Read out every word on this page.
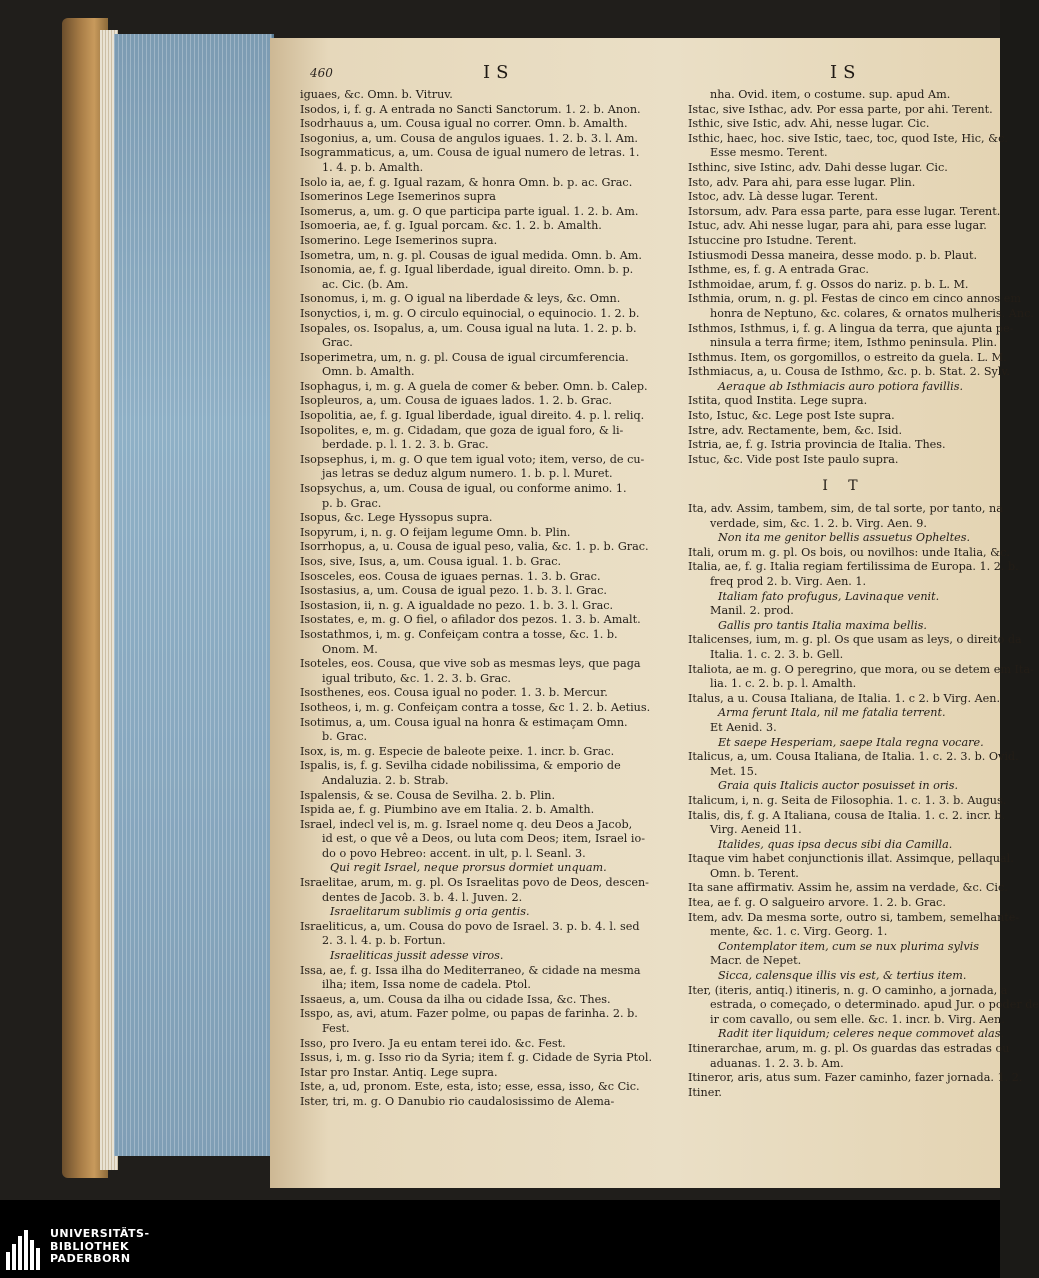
460	IS	IS
iguaes, &c. Omn. b. Vitruv.
Isodos, i, f. g. A entrada no Sancti Sanctorum. 1. 2. b. Anon.
Isodrhauus a, um. Cousa igual no correr. Omn. b. Amalth.
Isogonius, a, um. Cousa de angulos iguaes. 1. 2. b. 3. l. Am.
Isogrammaticus, a, um. Cousa de igual numero de letras. 1.
1. 4. p. b. Amalth.
Isolo ia, ae, f. g. Igual razam, & honra Omn. b. p. ac. Grac.
Isomerinos Lege Isemerinos supra
Isomerus, a, um. g. O que participa parte igual. 1. 2. b. Am.
Isomoeria, ae, f. g. Igual porcam. &c. 1. 2. b. Amalth.
Isomerino. Lege Isemerinos supra.
Isometra, um, n. g. pl. Cousas de igual medida. Omn. b. Am.
Isonomia, ae, f. g. Igual liberdade, igual direito. Omn. b. p.
ac. Cic. (b. Am.
Isonomus, i, m. g. O igual na liberdade & leys, &c. Omn.
Isonyctios, i, m. g. O circulo equinocial, o equinocio. 1. 2. b.
Isopales, os. Isopalus, a, um. Cousa igual na luta. 1. 2. p. b.
Grac.
Isoperimetra, um, n. g. pl. Cousa de igual circumferencia.
Omn. b. Amalth.
Isophagus, i, m. g. A guela de comer & beber. Omn. b. Calep.
Isopleuros, a, um. Cousa de iguaes lados. 1. 2. b. Grac.
Isopolitia, ae, f. g. Igual liberdade, igual direito. 4. p. l. reliq.
Isopolites, e, m. g. Cidadam, que goza de igual foro, & li-
berdade. p. l. 1. 2. 3. b. Grac.
Isopsephus, i, m. g. O que tem igual voto; item, verso, de cu-
jas letras se deduz algum numero. 1. b. p. l. Muret.
Isopsychus, a, um. Cousa de igual, ou conforme animo. 1.
p. b. Grac.
Isopus, &c. Lege Hyssopus supra.
Isopyrum, i, n. g. O feijam legume Omn. b. Plin.
Isorrhopus, a, u. Cousa de igual peso, valia, &c. 1. p. b. Grac.
Isos, sive, Isus, a, um. Cousa igual. 1. b. Grac.
Isosceles, eos. Cousa de iguaes pernas. 1. 3. b. Grac.
Isostasius, a, um. Cousa de igual pezo. 1. b. 3. l. Grac.
Isostasion, ii, n. g. A igualdade no pezo. 1. b. 3. l. Grac.
Isostates, e, m. g. O fiel, o afilador dos pezos. 1. 3. b. Amalt.
Isostathmos, i, m. g. Confeiçam contra a tosse, &c. 1. b.
Onom. M.
Isoteles, eos. Cousa, que vive sob as mesmas leys, que paga
igual tributo, &c. 1. 2. 3. b. Grac.
Isosthenes, eos. Cousa igual no poder. 1. 3. b. Mercur.
Isotheos, i, m. g. Confeiçam contra a tosse, &c 1. 2. b. Aetius.
Isotimus, a, um. Cousa igual na honra & estimaçam Omn.
b. Grac.
Isox, is, m. g. Especie de baleote peixe. 1. incr. b. Grac.
Ispalis, is, f. g. Sevilha cidade nobilissima, & emporio de
Andaluzia. 2. b. Strab.
Ispalensis, & se. Cousa de Sevilha. 2. b. Plin.
Ispida ae, f. g. Piumbino ave em Italia. 2. b. Amalth.
Israel, indecl vel is, m. g. Israel nome q. deu Deos a Jacob,
id est, o que vê a Deos, ou luta com Deos; item, Israel io-
do o povo Hebreo: accent. in ult, p. l. Seanl. 3.
Qui regit Israel, neque prorsus dormiet unquam.
Israelitae, arum, m. g. pl. Os Israelitas povo de Deos, descen-
dentes de Jacob. 3. b. 4. l. Juven. 2.
Israelitarum sublimis g oria gentis.
Israeliticus, a, um. Cousa do povo de Israel. 3. p. b. 4. l. sed
2. 3. l. 4. p. b. Fortun.
Israeliticas jussit adesse viros.
Issa, ae, f. g. Issa ilha do Mediterraneo, & cidade na mesma
ilha; item, Issa nome de cadela. Ptol.
Issaeus, a, um. Cousa da ilha ou cidade Issa, &c. Thes.
Isspo, as, avi, atum. Fazer polme, ou papas de farinha. 2. b.
Fest.
Isso, pro Ivero. Ja eu entam terei ido. &c. Fest.
Issus, i, m. g. Isso rio da Syria; item f. g. Cidade de Syria Ptol.
Istar pro Instar. Antiq. Lege supra.
Iste, a, ud, pronom. Este, esta, isto; esse, essa, isso, &c Cic.
Ister, tri, m. g. O Danubio rio caudalosissimo de Alema-
nha. Ovid. item, o costume. sup. apud Am.
Istac, sive Isthac, adv. Por essa parte, por ahi. Terent.
Isthic, sive Istic, adv. Ahi, nesse lugar. Cic.
Isthic, haec, hoc. sive Istic, taec, toc, quod Iste, Hic, &c.
Esse mesmo. Terent.
Isthinc, sive Istinc, adv. Dahi desse lugar. Cic.
Isto, adv. Para ahi, para esse lugar. Plin.
Istoc, adv. Là desse lugar. Terent.
Istorsum, adv. Para essa parte, para esse lugar. Terent.
Istuc, adv. Ahi nesse lugar, para ahi, para esse lugar.
Istuccine pro Istudne. Terent.
Istiusmodi Dessa maneira, desse modo. p. b. Plaut.
Isthme, es, f. g. A entrada Grac.
Isthmoidae, arum, f. g. Ossos do nariz. p. b. L. M.
Isthmia, orum, n. g. pl. Festas de cinco em cinco annos em
honra de Neptuno, &c. colares, & ornatos mulheris. Anc.
Isthmos, Isthmus, i, f. g. A lingua da terra, que ajunta pe-
ninsula a terra firme; item, Isthmo peninsula. Plin.
Isthmus. Item, os gorgomillos, o estreito da guela. L. M.
Isthmiacus, a, u. Cousa de Isthmo, &c. p. b. Stat. 2. Sylv.
Aeraque ab Isthmiacis auro potiora favillis.
Istita, quod Instita. Lege supra.
Isto, Istuc, &c. Lege post Iste supra.
Istre, adv. Rectamente, bem, &c. Isid.
Istria, ae, f. g. Istria provincia de Italia. Thes.
Istuc, &c. Vide post Iste paulo supra.
I T
Ita, adv. Assim, tambem, sim, de tal sorte, por tanto, na
verdade, sim, &c. 1. 2. b. Virg. Aen. 9.
Non ita me genitor bellis assuetus Opheltes.
Itali, orum m. g. pl. Os bois, ou novilhos: unde Italia, &c.
Italia, ae, f. g. Italia regiam fertilissima de Europa. 1. 2. b.
freq prod 2. b. Virg. Aen. 1.
Italiam fato profugus, Lavinaque venit.
Manil. 2. prod.
Gallis pro tantis Italia maxima bellis.
Italicenses, ium, m. g. pl. Os que usam as leys, o direito da
Italia. 1. c. 2. 3. b. Gell.
Italiota, ae m. g. O peregrino, que mora, ou se detem em Ita-
lia. 1. c. 2. b. p. l. Amalth.
Italus, a u. Cousa Italiana, de Italia. 1. c 2. b Virg. Aen.
Arma ferunt Itala, nil me fatalia terrent.
Et Aenid. 3.
Et saepe Hesperiam, saepe Itala regna vocare.
Italicus, a, um. Cousa Italiana, de Italia. 1. c. 2. 3. b. Ovid.
Met. 15.
Graia quis Italicis auctor posuisset in oris.
Italicum, i, n. g. Seita de Filosophia. 1. c. 1. 3. b. Augus.
Italis, dis, f. g. A Italiana, cousa de Italia. 1. c. 2. incr. b.
Virg. Aeneid 11.
Italides, quas ipsa decus sibi dia Camilla.
Itaque vim habet conjunctionis illat. Assimque, pellaqual.
Omn. b. Terent.
Ita sane affirmativ. Assim he, assim na verdade, &c. Cic.
Itea, ae f. g. O salgueiro arvore. 1. 2. b. Grac.
Item, adv. Da mesma sorte, outro si, tambem, semelhante-
mente, &c. 1. c. Virg. Georg. 1.
Contemplator item, cum se nux plurima sylvis
Macr. de Nepet.
Sicca, calensque illis vis est, & tertius item.
Iter, (iteris, antiq.) itineris, n. g. O caminho, a jornada, a
estrada, o começado, o determinado. apud Jur. o poder de
ir com cavallo, ou sem elle. &c. 1. incr. b. Virg. Aen.
Radit iter liquidum; celeres neque commovet alas.
Itinerarchae, arum, m. g. pl. Os guardas das estradas ou
aduanas. 1. 2. 3. b. Am.
Itineror, aris, atus sum. Fazer caminho, fazer jornada. 1. 2.
Itiner.
UNIVERSITÄTS-
BIBLIOTHEK
PADERBORN
